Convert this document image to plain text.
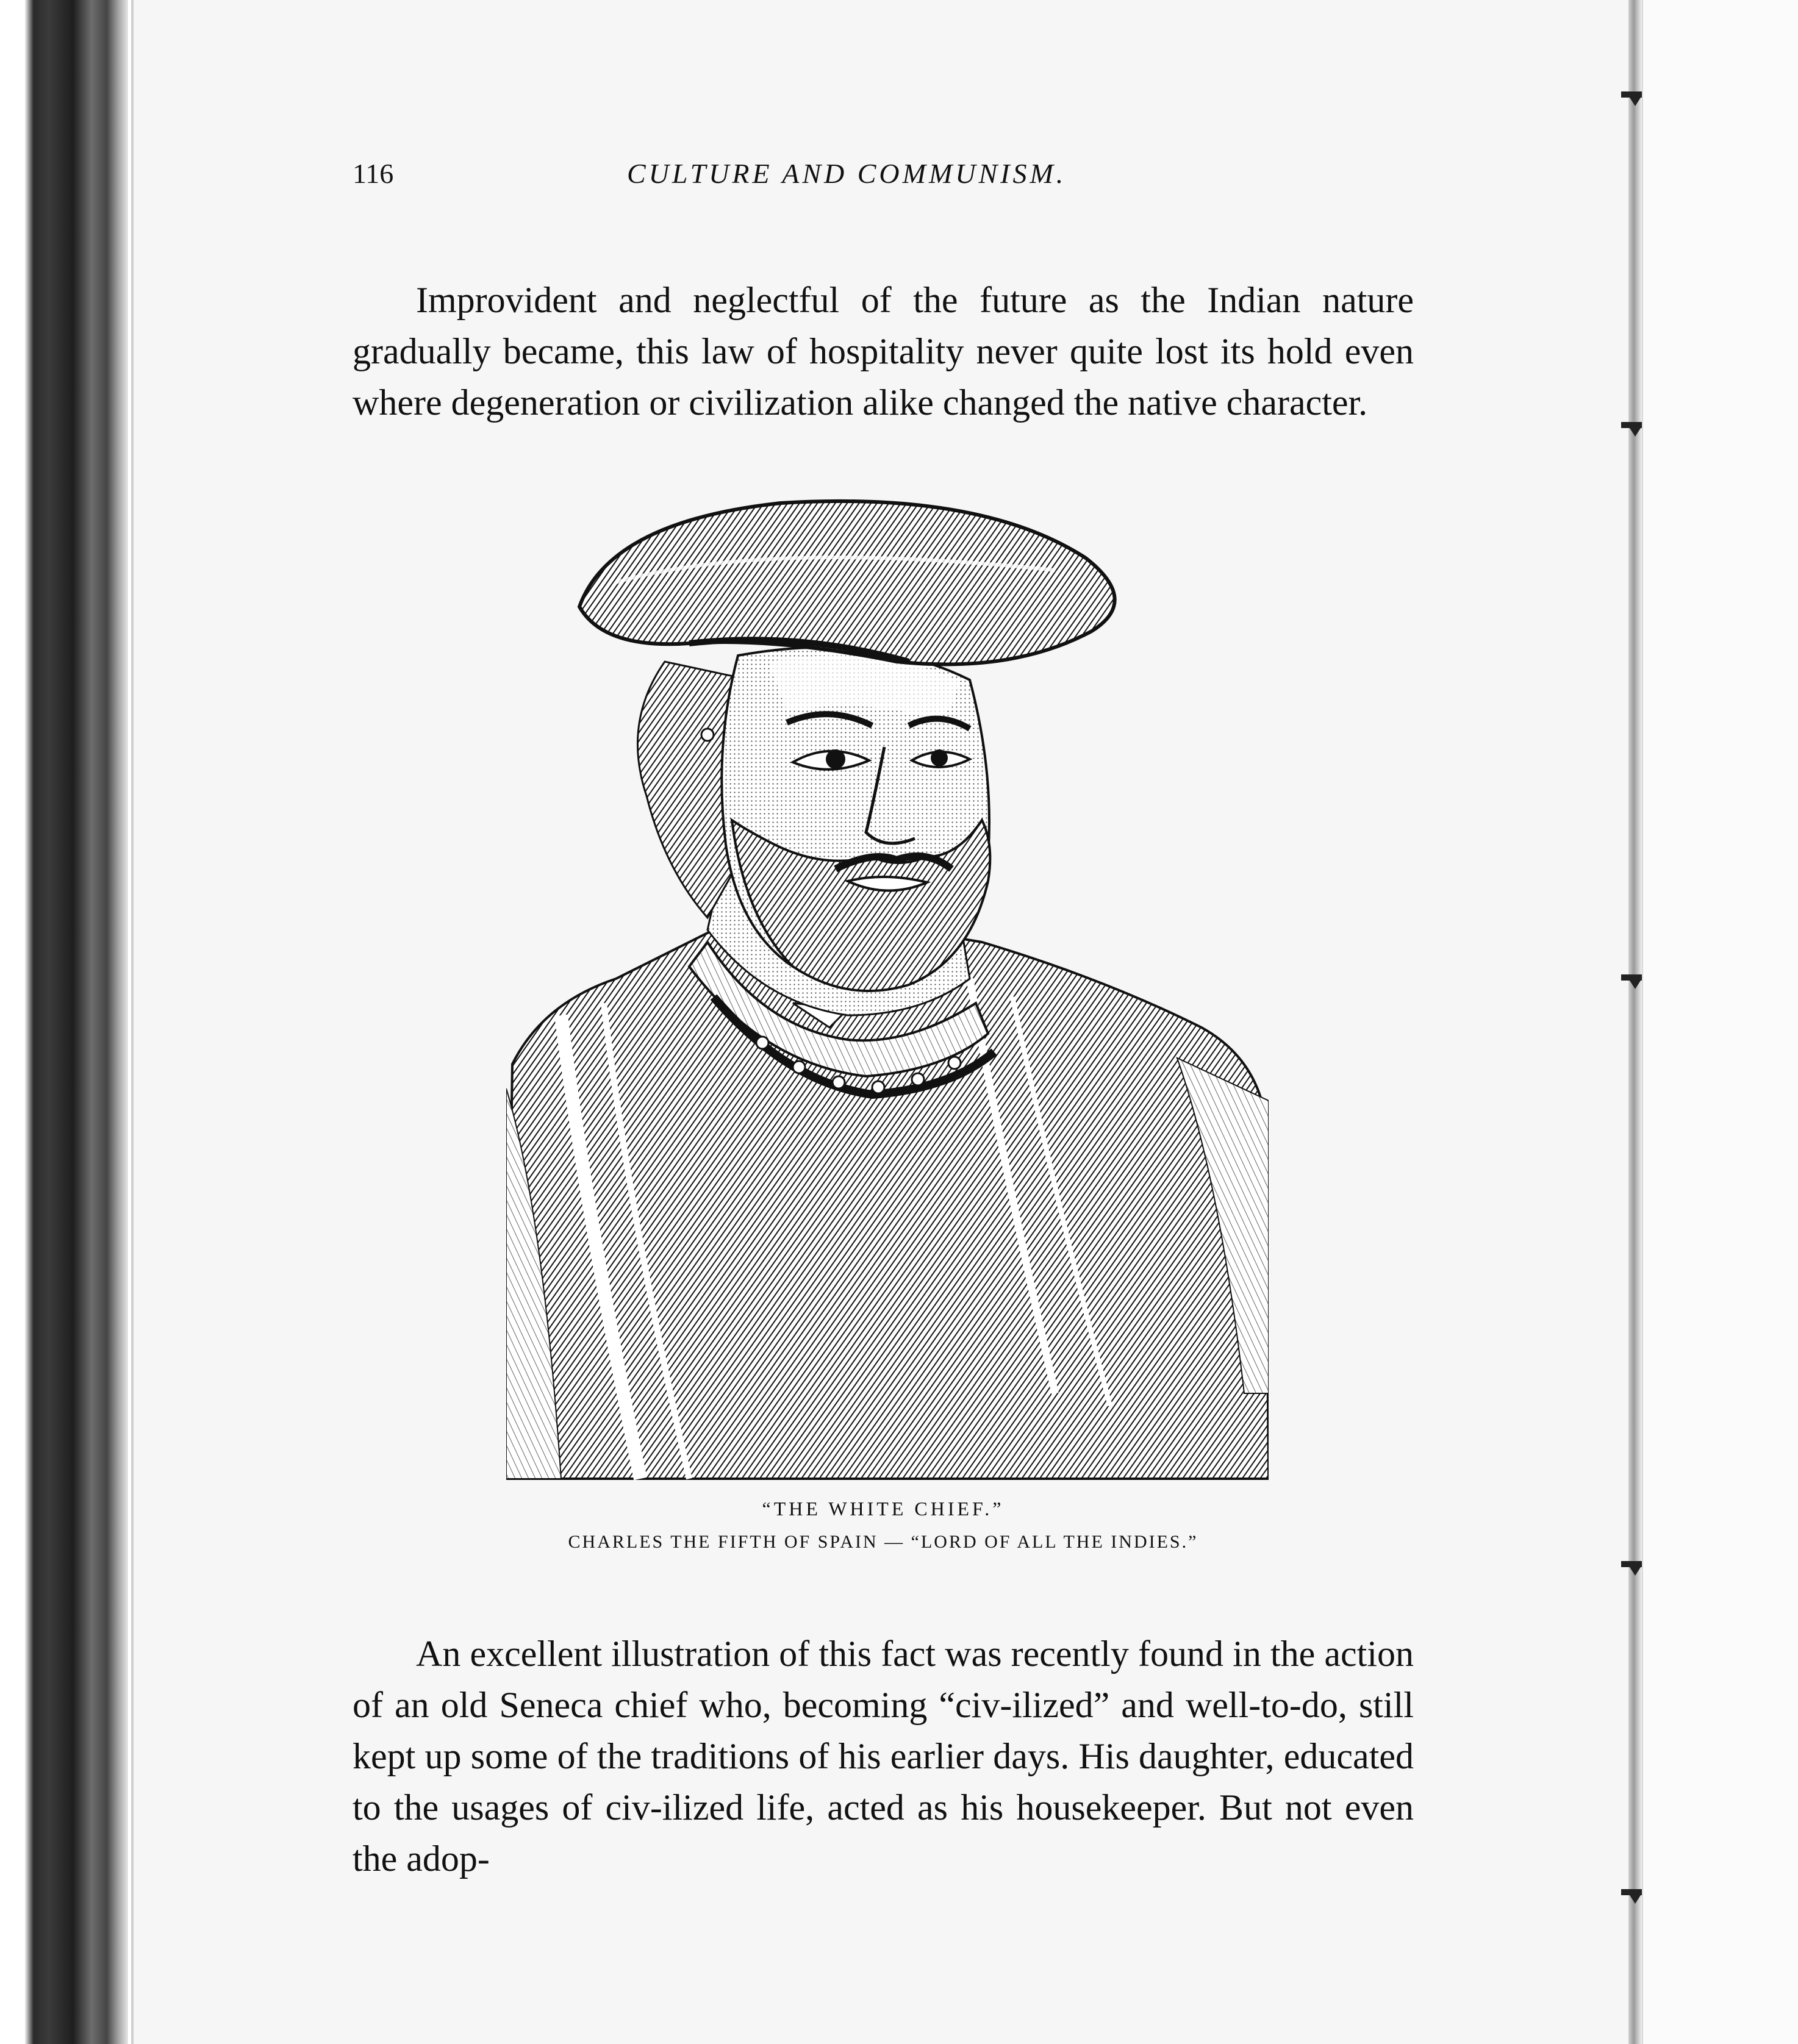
116	CULTURE AND COMMUNISM.

Improvident and neglectful of the future as the Indian nature gradually became, this law of hospitality never quite lost its hold even where degeneration or civilization alike changed the native character.

“THE WHITE CHIEF.”
CHARLES THE FIFTH OF SPAIN — “LORD OF ALL THE INDIES.”

An excellent illustration of this fact was recently found in the action of an old Seneca chief who, becoming “civ-ilized” and well-to-do, still kept up some of the traditions of his earlier days. His daughter, educated to the usages of civ-ilized life, acted as his housekeeper. But not even the adop-
